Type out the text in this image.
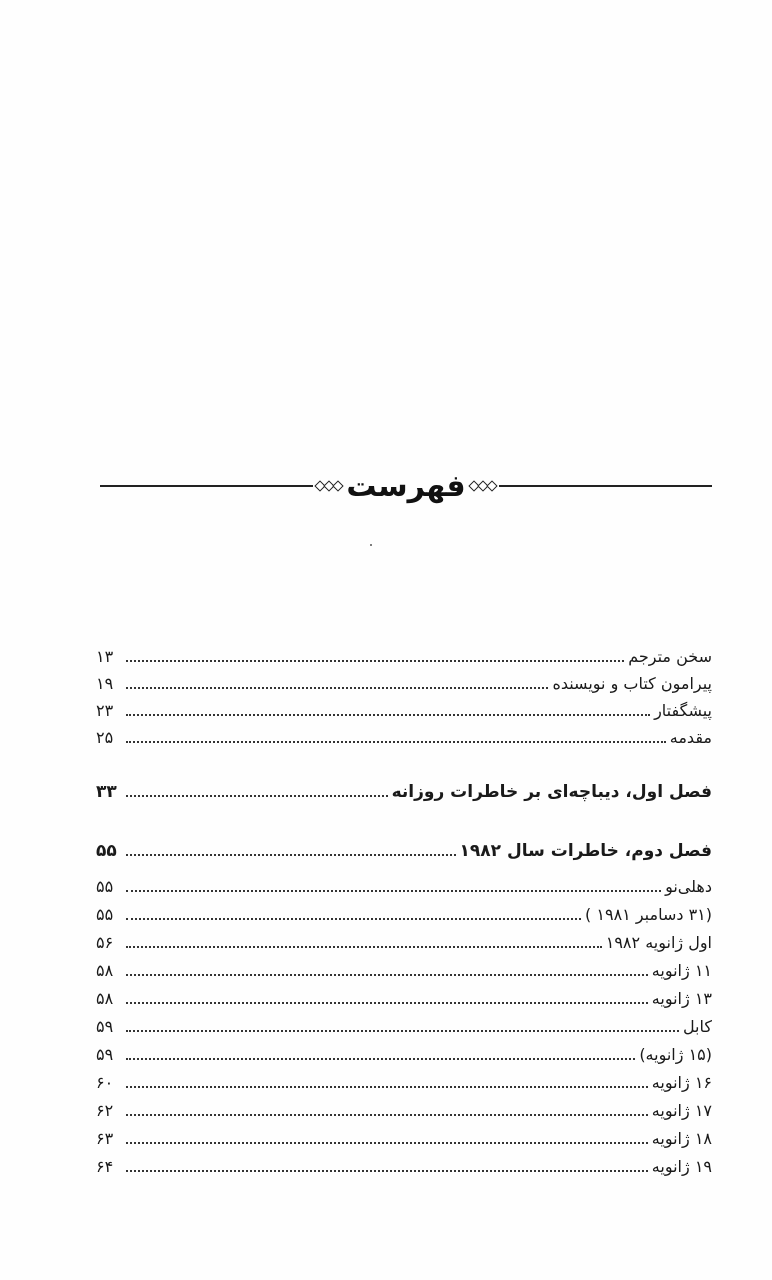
فهرست
سخن مترجم
۱۳
پیرامون کتاب و نویسنده
۱۹
پیشگفتار
۲۳
مقدمه
۲۵
فصل اول، دیباچه‌ای بر خاطرات روزانه
۳۳
فصل دوم، خاطرات سال ۱۹۸۲
۵۵
دهلی‌نو
۵۵
(۳۱ دسامبر ۱۹۸۱ )
۵۵
اول ژانویه ۱۹۸۲
۵۶
۱۱ ژانویه
۵۸
۱۳ ژانویه
۵۸
کابل
۵۹
(۱۵ ژانویه)
۵۹
۱۶ ژانویه
۶۰
۱۷ ژانویه
۶۲
۱۸ ژانویه
۶۳
۱۹ ژانویه
۶۴
